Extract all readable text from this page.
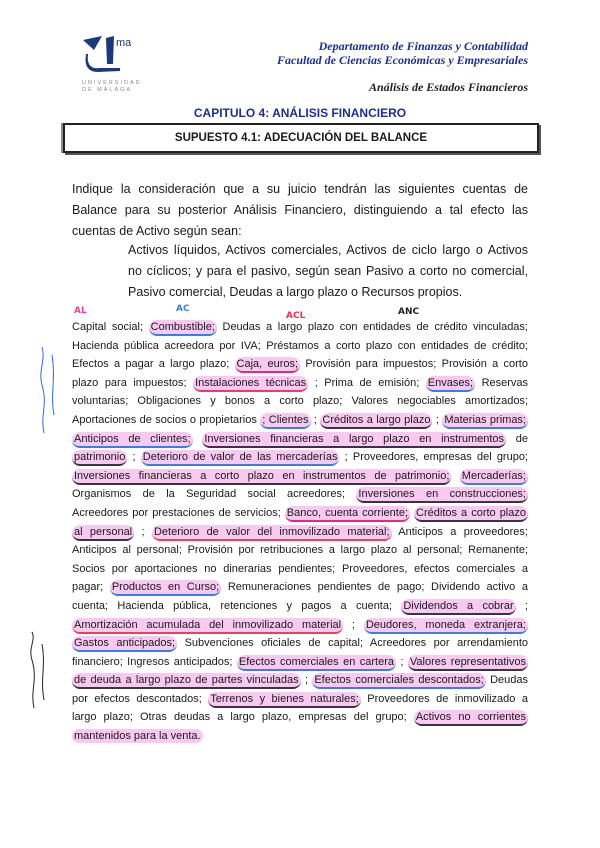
ma
UNIVERSIDAD
DE MÁLAGA
Departamento de Finanzas y Contabilidad
Facultad de Ciencias Económicas y Empresariales
Análisis de Estados Financieros
CAPITULO 4: ANÁLISIS FINANCIERO
SUPUESTO 4.1: ADECUACIÓN DEL BALANCE
Indique la consideración que a su juicio tendrán las siguientes cuentas de Balance para su posterior Análisis Financiero, distinguiendo a tal efecto las cuentas de Activo según sean:
Activos líquidos, Activos comerciales, Activos de ciclo largo o Activos
no cíclicos; y para el pasivo, según sean Pasivo a corto no comercial,
Pasivo comercial, Deudas a largo plazo o Recursos propios.
AL	AC
ACL	ANC
Capital social; Combustible; Deudas a largo plazo con entidades de crédito vinculadas;
Hacienda pública acreedora por IVA; Préstamos a corto plazo con entidades de crédito;
Efectos a pagar a largo plazo; Caja, euros; Provisión para impuestos; Provisión a corto
plazo para impuestos; Instalaciones técnicas ; Prima de emisión; Envases; Reservas
voluntarias; Obligaciones y bonos a corto plazo; Valores negociables amortizados;
Aportaciones de socios o propietarios ; Clientes ; Créditos a largo plazo ; Materias primas;
Anticipos de clientes; Inversiones financieras a largo plazo en instrumentos de
patrimonio ; Deterioro de valor de las mercaderías ; Proveedores, empresas del grupo;
Inversiones financieras a corto plazo en instrumentos de patrimonio; Mercaderías;
Organismos de la Seguridad social acreedores; Inversiones en construcciones;
Acreedores por prestaciones de servicios; Banco, cuenta corriente; Créditos a corto plazo
al personal ; Deterioro de valor del inmovilizado material; Anticipos a proveedores;
Anticipos al personal; Provisión por retribuciones a largo plazo al personal; Remanente;
Socios por aportaciones no dinerarias pendientes; Proveedores, efectos comerciales a
pagar; Productos en Curso; Remuneraciones pendientes de pago; Dividendo activo a
cuenta; Hacienda pública, retenciones y pagos a cuenta; Dividendos a cobrar ;
Amortización acumulada del inmovilizado material ; Deudores, moneda extranjera;
Gastos anticipados; Subvenciones oficiales de capital; Acreedores por arrendamiento
financiero; Ingresos anticipados; Efectos comerciales en cartera ; Valores representativos
de deuda a largo plazo de partes vinculadas ; Efectos comerciales descontados; Deudas
por efectos descontados; Terrenos y bienes naturales; Proveedores de inmovilizado a
largo plazo; Otras deudas a largo plazo, empresas del grupo; Activos no corrientes
mantenidos para la venta.
